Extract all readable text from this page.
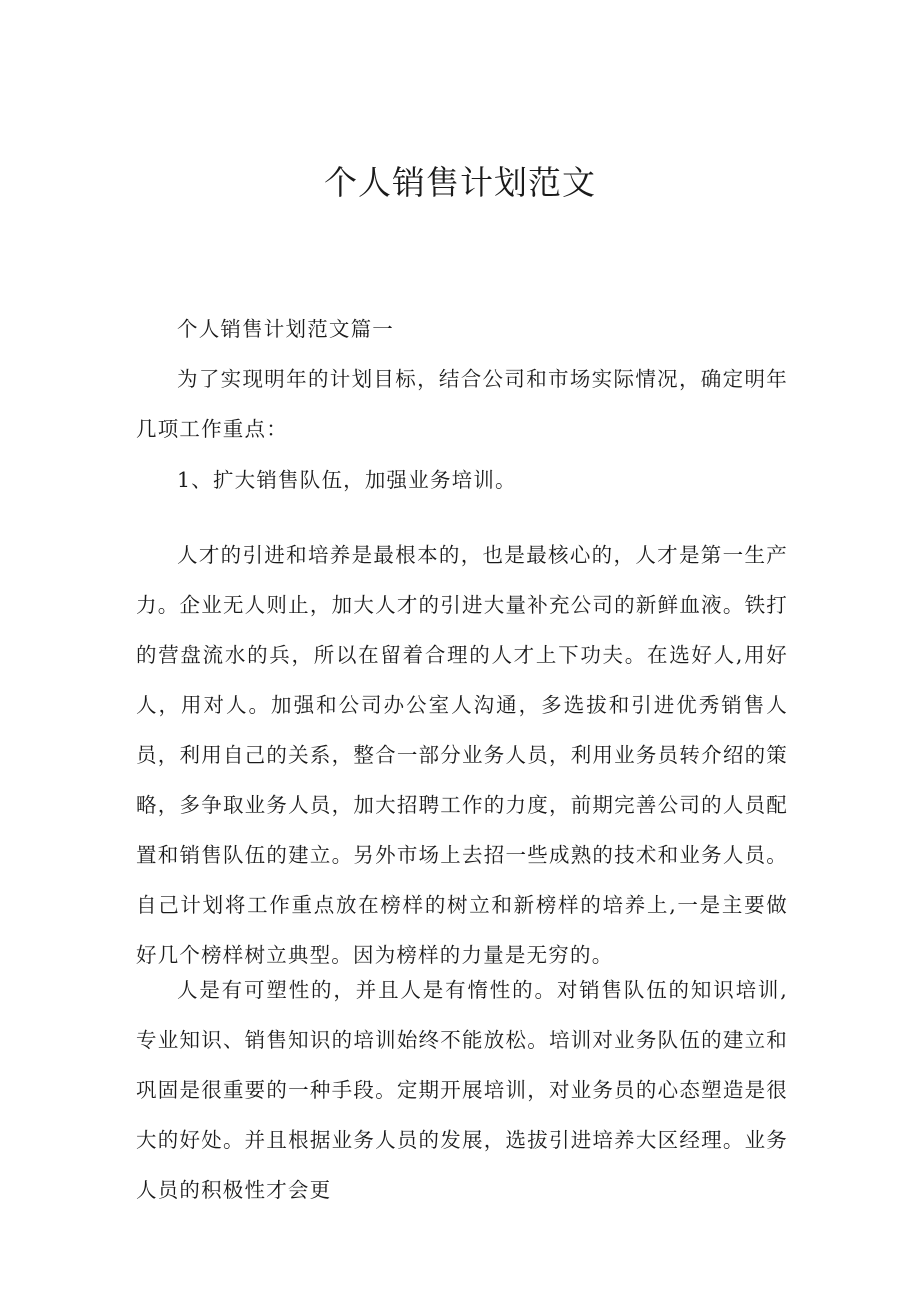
个人销售计划范文

个人销售计划范文篇一

为了实现明年的计划目标，结合公司和市场实际情况，确定明年几项工作重点：

1、扩大销售队伍，加强业务培训。

人才的引进和培养是最根本的，也是最核心的，人才是第一生产力。企业无人则止，加大人才的引进大量补充公司的新鲜血液。铁打的营盘流水的兵，所以在留着合理的人才上下功夫。在选好人,用好人，用对人。加强和公司办公室人沟通，多选拔和引进优秀销售人员，利用自己的关系，整合一部分业务人员，利用业务员转介绍的策略，多争取业务人员，加大招聘工作的力度，前期完善公司的人员配置和销售队伍的建立。另外市场上去招一些成熟的技术和业务人员。自己计划将工作重点放在榜样的树立和新榜样的培养上,一是主要做好几个榜样树立典型。因为榜样的力量是无穷的。

人是有可塑性的，并且人是有惰性的。对销售队伍的知识培训,专业知识、销售知识的培训始终不能放松。培训对业务队伍的建立和巩固是很重要的一种手段。定期开展培训，对业务员的心态塑造是很大的好处。并且根据业务人员的发展，选拔引进培养大区经理。业务人员的积极性才会更
